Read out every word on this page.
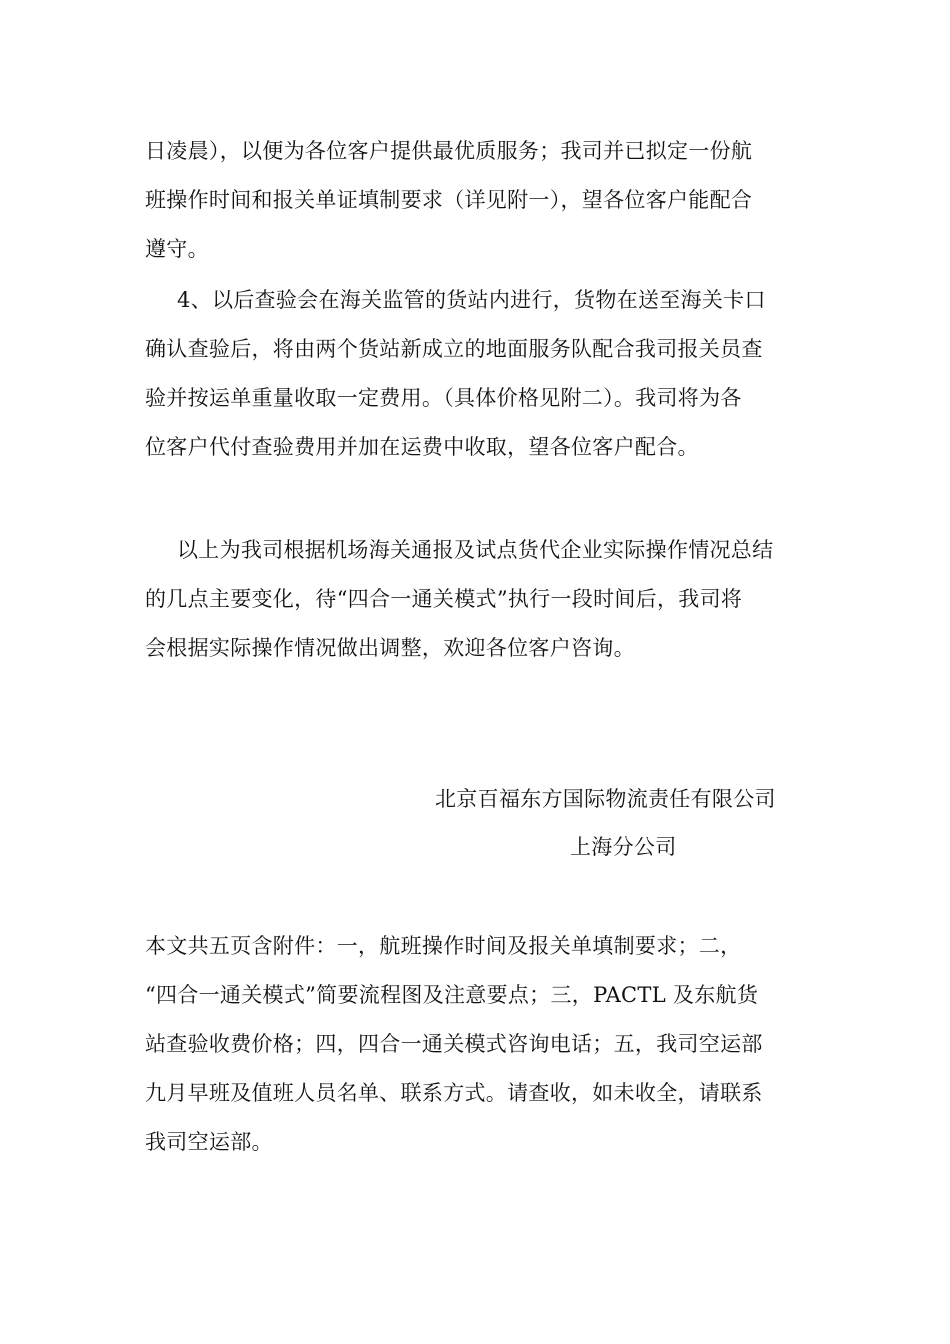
日凌晨），以便为各位客户提供最优质服务；我司并已拟定一份航
班操作时间和报关单证填制要求（详见附一），望各位客户能配合
遵守。
4、以后查验会在海关监管的货站内进行，货物在送至海关卡口
确认查验后，将由两个货站新成立的地面服务队配合我司报关员查
验并按运单重量收取一定费用。（具体价格见附二）。我司将为各
位客户代付查验费用并加在运费中收取，望各位客户配合。
以上为我司根据机场海关通报及试点货代企业实际操作情况总结
的几点主要变化，待“四合一通关模式”执行一段时间后，我司将
会根据实际操作情况做出调整，欢迎各位客户咨询。
北京百福东方国际物流责任有限公司
上海分公司
本文共五页含附件：一，航班操作时间及报关单填制要求；二，
“四合一通关模式”简要流程图及注意要点；三，PACTL 及东航货
站查验收费价格；四，四合一通关模式咨询电话；五，我司空运部
九月早班及值班人员名单、联系方式。请查收，如未收全，请联系
我司空运部。
